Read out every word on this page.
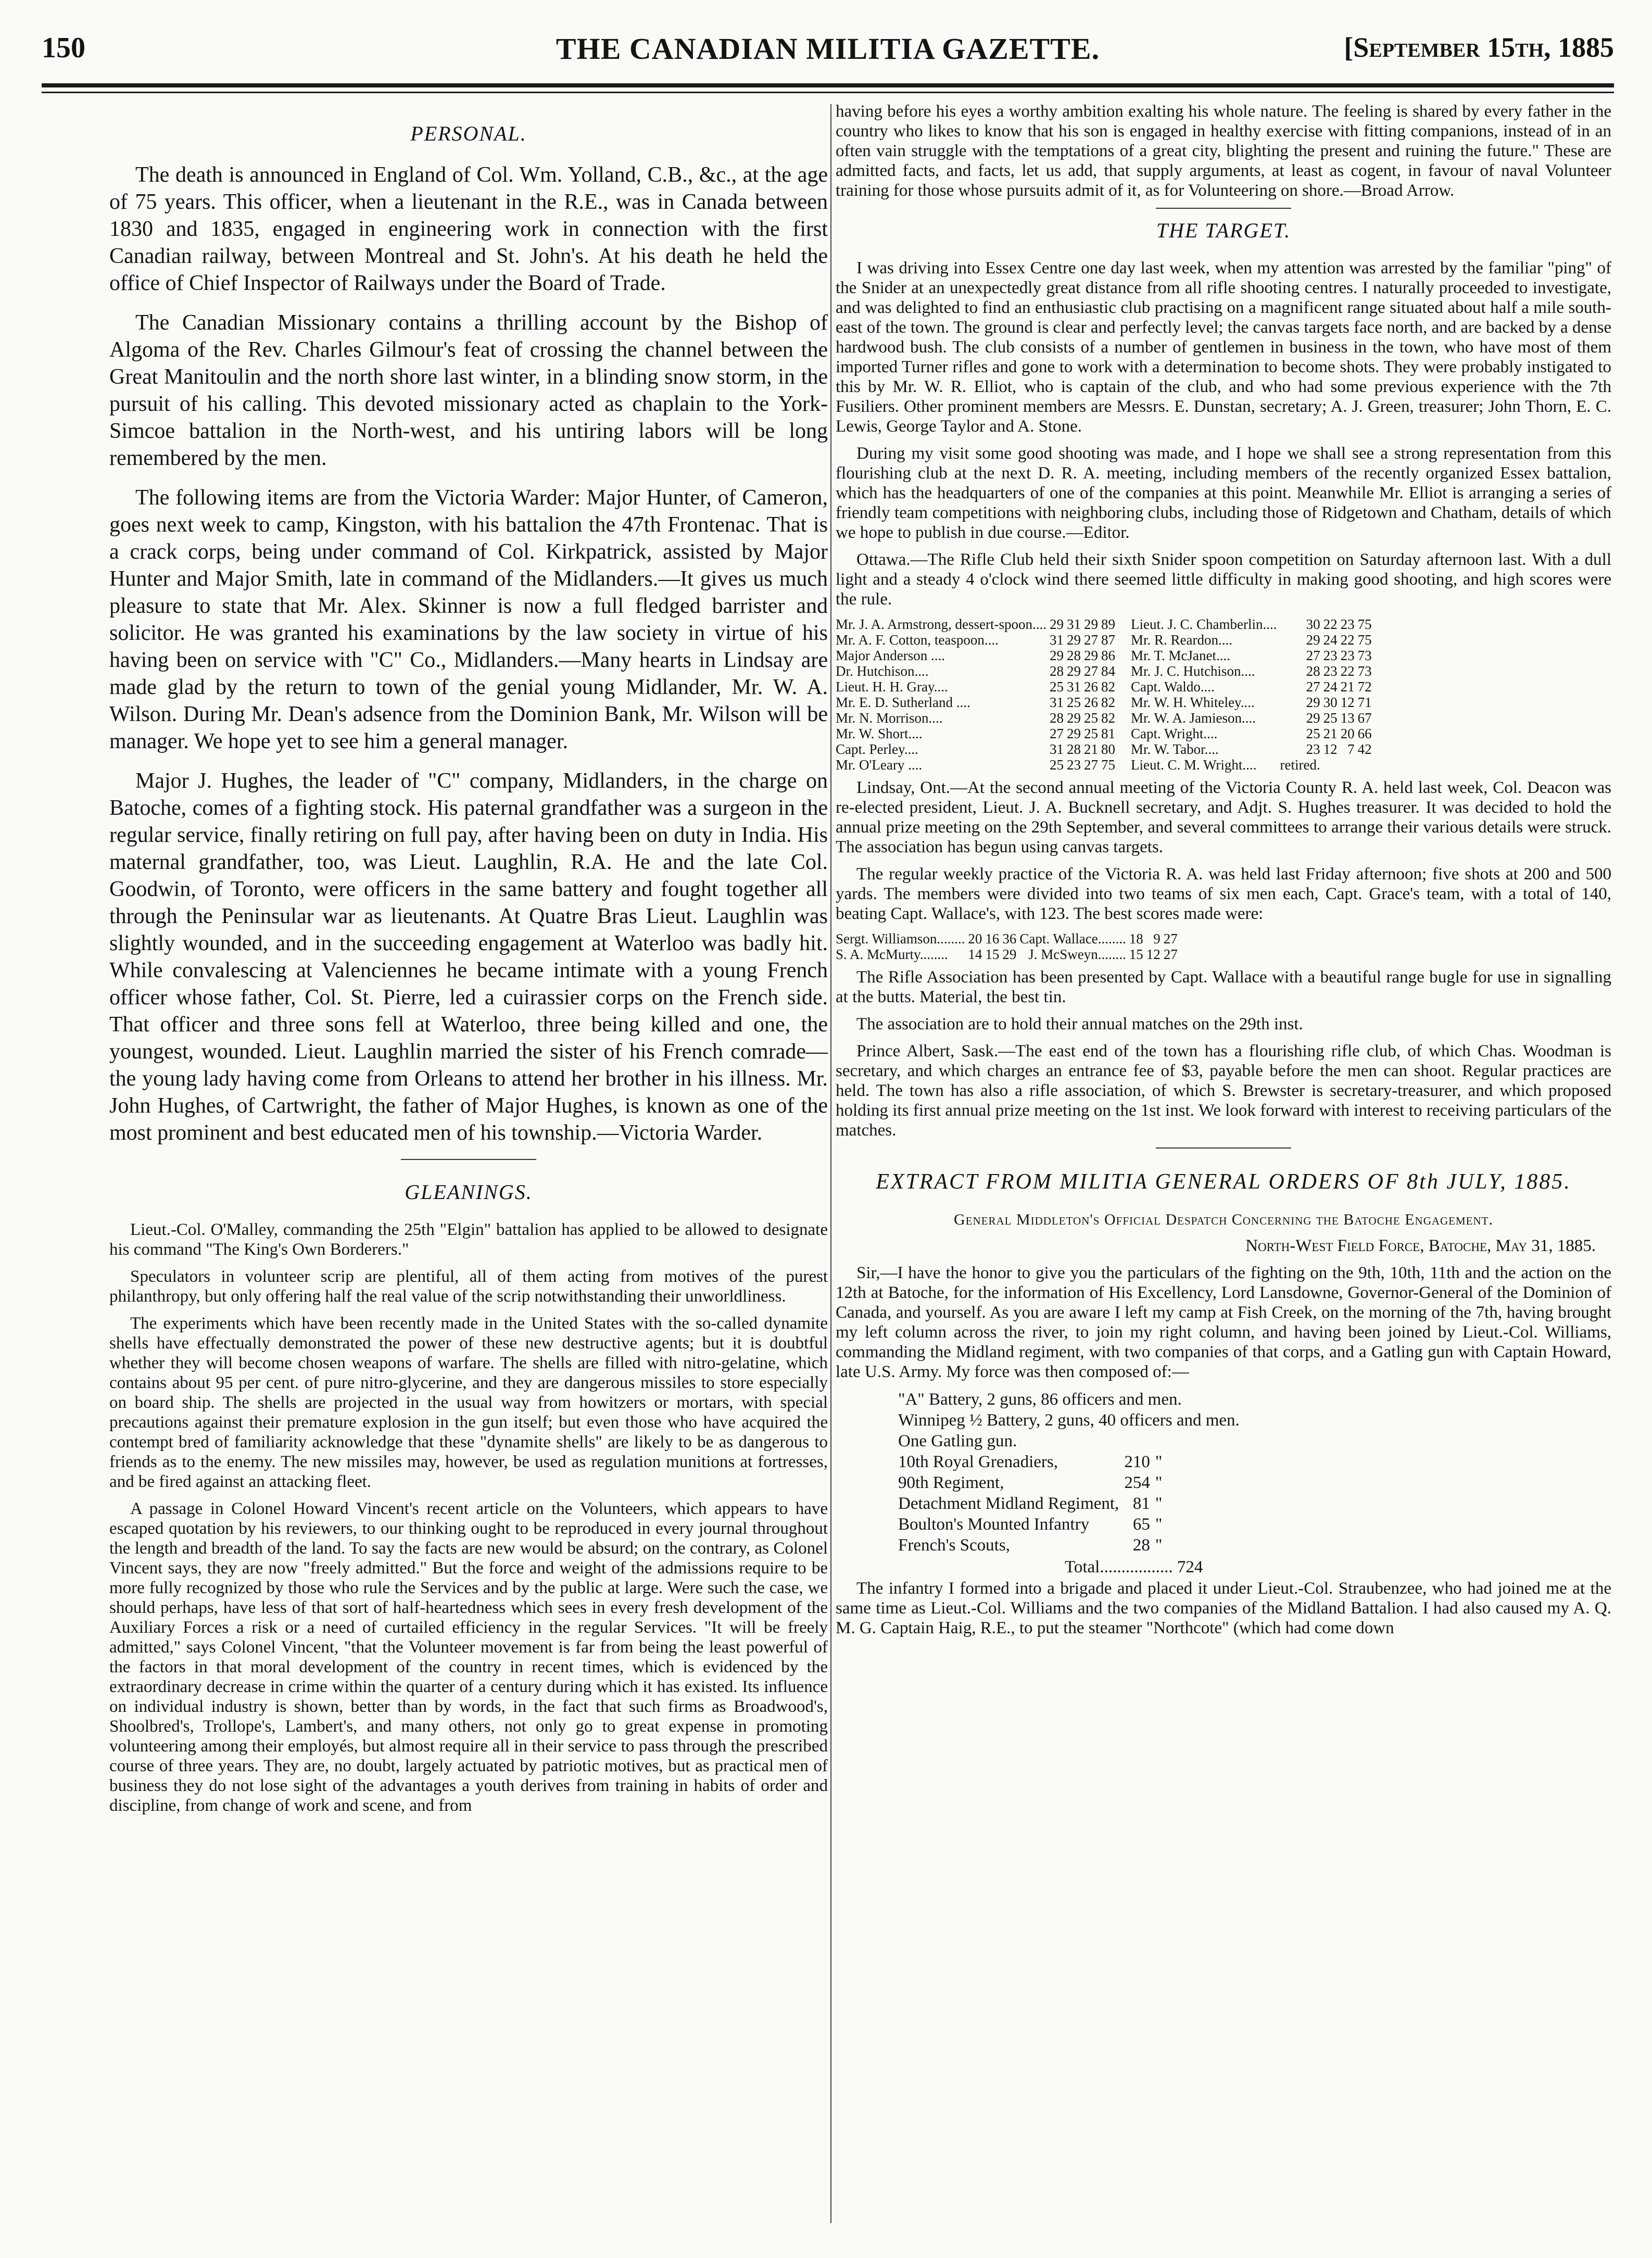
150	THE CANADIAN MILITIA GAZETTE.	[September 15th, 1885
PERSONAL.

The death is announced in England of Col. Wm. Yolland, C.B., &c., at the age of 75 years. This officer, when a lieutenant in the R.E., was in Canada between 1830 and 1835, engaged in engineering work in connection with the first Canadian railway, between Montreal and St. John's. At his death he held the office of Chief Inspector of Railways under the Board of Trade.

The Canadian Missionary contains a thrilling account by the Bishop of Algoma of the Rev. Charles Gilmour's feat of crossing the channel between the Great Manitoulin and the north shore last winter, in a blinding snow storm, in the pursuit of his calling. This devoted missionary acted as chaplain to the York-Simcoe battalion in the North-west, and his untiring labors will be long remembered by the men.

The following items are from the Victoria Warder: Major Hunter, of Cameron, goes next week to camp, Kingston, with his battalion the 47th Frontenac. That is a crack corps, being under command of Col. Kirkpatrick, assisted by Major Hunter and Major Smith, late in command of the Midlanders.—It gives us much pleasure to state that Mr. Alex. Skinner is now a full fledged barrister and solicitor. He was granted his examinations by the law society in virtue of his having been on service with "C" Co., Midlanders.—Many hearts in Lindsay are made glad by the return to town of the genial young Midlander, Mr. W. A. Wilson. During Mr. Dean's adsence from the Dominion Bank, Mr. Wilson will be manager. We hope yet to see him a general manager.

Major J. Hughes, the leader of "C" company, Midlanders, in the charge on Batoche, comes of a fighting stock. His paternal grandfather was a surgeon in the regular service, finally retiring on full pay, after having been on duty in India. His maternal grandfather, too, was Lieut. Laughlin, R.A. He and the late Col. Goodwin, of Toronto, were officers in the same battery and fought together all through the Peninsular war as lieutenants. At Quatre Bras Lieut. Laughlin was slightly wounded, and in the succeeding engagement at Waterloo was badly hit. While convalescing at Valenciennes he became intimate with a young French officer whose father, Col. St. Pierre, led a cuirassier corps on the French side. That officer and three sons fell at Waterloo, three being killed and one, the youngest, wounded. Lieut. Laughlin married the sister of his French comrade—the young lady having come from Orleans to attend her brother in his illness. Mr. John Hughes, of Cartwright, the father of Major Hughes, is known as one of the most prominent and best educated men of his township.—Victoria Warder.

GLEANINGS.

Lieut.-Col. O'Malley, commanding the 25th "Elgin" battalion has applied to be allowed to designate his command "The King's Own Borderers."

Speculators in volunteer scrip are plentiful, all of them acting from motives of the purest philanthropy, but only offering half the real value of the scrip notwithstanding their unworldliness.

The experiments which have been recently made in the United States with the so-called dynamite shells have effectually demonstrated the power of these new destructive agents; but it is doubtful whether they will become chosen weapons of warfare. The shells are filled with nitro-gelatine, which contains about 95 per cent. of pure nitro-glycerine, and they are dangerous missiles to store especially on board ship. The shells are projected in the usual way from howitzers or mortars, with special precautions against their premature explosion in the gun itself; but even those who have acquired the contempt bred of familiarity acknowledge that these "dynamite shells" are likely to be as dangerous to friends as to the enemy. The new missiles may, however, be used as regulation munitions at fortresses, and be fired against an attacking fleet.

A passage in Colonel Howard Vincent's recent article on the Volunteers, which appears to have escaped quotation by his reviewers, to our thinking ought to be reproduced in every journal throughout the length and breadth of the land. To say the facts are new would be absurd; on the contrary, as Colonel Vincent says, they are now "freely admitted." But the force and weight of the admissions require to be more fully recognized by those who rule the Services and by the public at large. Were such the case, we should perhaps, have less of that sort of half-heartedness which sees in every fresh development of the Auxiliary Forces a risk or a need of curtailed efficiency in the regular Services. "It will be freely admitted," says Colonel Vincent, "that the Volunteer movement is far from being the least powerful of the factors in that moral development of the country in recent times, which is evidenced by the extraordinary decrease in crime within the quarter of a century during which it has existed. Its influence on individual industry is shown, better than by words, in the fact that such firms as Broadwood's, Shoolbred's, Trollope's, Lambert's, and many others, not only go to great expense in promoting volunteering among their employés, but almost require all in their service to pass through the prescribed course of three years. They are, no doubt, largely actuated by patriotic motives, but as practical men of business they do not lose sight of the advantages a youth derives from training in habits of order and discipline, from change of work and scene, and from

having before his eyes a worthy ambition exalting his whole nature. The feeling is shared by every father in the country who likes to know that his son is engaged in healthy exercise with fitting companions, instead of in an often vain struggle with the temptations of a great city, blighting the present and ruining the future." These are admitted facts, and facts, let us add, that supply arguments, at least as cogent, in favour of naval Volunteer training for those whose pursuits admit of it, as for Volunteering on shore.—Broad Arrow.

THE TARGET.

I was driving into Essex Centre one day last week, when my attention was arrested by the familiar "ping" of the Snider at an unexpectedly great distance from all rifle shooting centres. I naturally proceeded to investigate, and was delighted to find an enthusiastic club practising on a magnificent range situated about half a mile south-east of the town. The ground is clear and perfectly level; the canvas targets face north, and are backed by a dense hardwood bush. The club consists of a number of gentlemen in business in the town, who have most of them imported Turner rifles and gone to work with a determination to become shots. They were probably instigated to this by Mr. W. R. Elliot, who is captain of the club, and who had some previous experience with the 7th Fusiliers. Other prominent members are Messrs. E. Dunstan, secretary; A. J. Green, treasurer; John Thorn, E. C. Lewis, George Taylor and A. Stone.

During my visit some good shooting was made, and I hope we shall see a strong representation from this flourishing club at the next D. R. A. meeting, including members of the recently organized Essex battalion, which has the headquarters of one of the companies at this point. Meanwhile Mr. Elliot is arranging a series of friendly team competitions with neighboring clubs, including those of Ridgetown and Chatham, details of which we hope to publish in due course.—Editor.

Ottawa.—The Rifle Club held their sixth Snider spoon competition on Saturday afternoon last. With a dull light and a steady 4 o'clock wind there seemed little difficulty in making good shooting, and high scores were the rule.

Mr. J. A. Armstrong, dessert-spoon....	29	31	29	89
Mr. A. F. Cotton, teaspoon....	31	29	27	87
Major Anderson ....	29	28	29	86
Dr. Hutchison....	28	29	27	84
Lieut. H. H. Gray....	25	31	26	82
Mr. E. D. Sutherland ....	31	25	26	82
Mr. N. Morrison....	28	29	25	82
Mr. W. Short....	27	29	25	81
Capt. Perley....	31	28	21	80
Mr. O'Leary ....	25	23	27	75
Lieut. J. C. Chamberlin....	30	22	23	75
Mr. R. Reardon....	29	24	22	75
Mr. T. McJanet....	27	23	23	73
Mr. J. C. Hutchison....	28	23	22	73
Capt. Waldo....	27	24	21	72
Mr. W. H. Whiteley....	29	30	12	71
Mr. W. A. Jamieson....	29	25	13	67
Capt. Wright....	25	21	20	66
Mr. W. Tabor....	23	12	7	42
Lieut. C. M. Wright....	retired.			

Lindsay, Ont.—At the second annual meeting of the Victoria County R. A. held last week, Col. Deacon was re-elected president, Lieut. J. A. Bucknell secretary, and Adjt. S. Hughes treasurer. It was decided to hold the annual prize meeting on the 29th September, and several committees to arrange their various details were struck. The association has begun using canvas targets.

The regular weekly practice of the Victoria R. A. was held last Friday afternoon; five shots at 200 and 500 yards. The members were divided into two teams of six men each, Capt. Grace's team, with a total of 140, beating Capt. Wallace's, with 123. The best scores made were:

Sergt. Williamson........	20	16	36	Capt. Wallace........	18	9	27
S. A. McMurty........	14	15	29	J. McSweyn........	15	12	27

The Rifle Association has been presented by Capt. Wallace with a beautiful range bugle for use in signalling at the butts. Material, the best tin.

The association are to hold their annual matches on the 29th inst.

Prince Albert, Sask.—The east end of the town has a flourishing rifle club, of which Chas. Woodman is secretary, and which charges an entrance fee of $3, payable before the men can shoot. Regular practices are held. The town has also a rifle association, of which S. Brewster is secretary-treasurer, and which proposed holding its first annual prize meeting on the 1st inst. We look forward with interest to receiving particulars of the matches.

EXTRACT FROM MILITIA GENERAL ORDERS OF 8th JULY, 1885.
General Middleton's Official Despatch Concerning the Batoche Engagement.

North-West Field Force, Batoche, May 31, 1885.

Sir,—I have the honor to give you the particulars of the fighting on the 9th, 10th, 11th and the action on the 12th at Batoche, for the information of His Excellency, Lord Lansdowne, Governor-General of the Dominion of Canada, and yourself. As you are aware I left my camp at Fish Creek, on the morning of the 7th, having brought my left column across the river, to join my right column, and having been joined by Lieut.-Col. Williams, commanding the Midland regiment, with two companies of that corps, and a Gatling gun with Captain Howard, late U.S. Army. My force was then composed of:—

"A" Battery, 2 guns, 86 officers and men.
Winnipeg ½ Battery, 2 guns, 40 officers and men.
One Gatling gun.
10th Royal Grenadiers,	210	"
90th Regiment,	254	"
Detachment Midland Regiment,	81	"
Boulton's Mounted Infantry	65	"
French's Scouts,	28	"
Total................. 724

The infantry I formed into a brigade and placed it under Lieut.-Col. Straubenzee, who had joined me at the same time as Lieut.-Col. Williams and the two companies of the Midland Battalion. I had also caused my A. Q. M. G. Captain Haig, R.E., to put the steamer "Northcote" (which had come down
